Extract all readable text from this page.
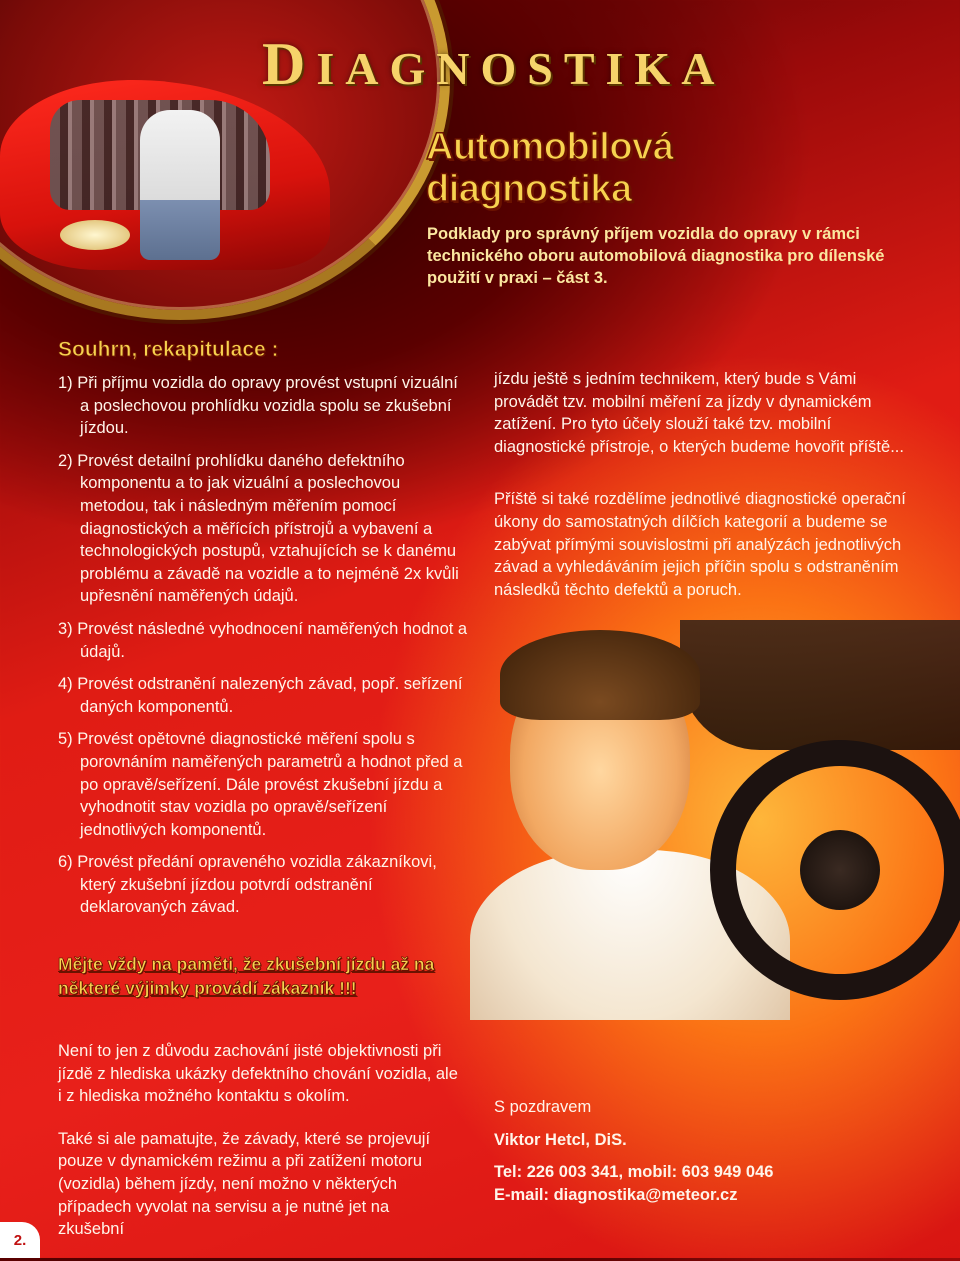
DIAGNOSTIKA
Automobilová diagnostika

Podklady pro správný příjem vozidla do opravy v rámci technického oboru automobilová diagnostika pro dílenské použití v praxi – část 3.

Souhrn, rekapitulace :
1) Při příjmu vozidla do opravy provést vstupní vizuální a poslechovou prohlídku vozidla spolu se zkušební jízdou.
2) Provést detailní prohlídku daného defektního komponentu a to jak vizuální a poslechovou metodou, tak i následným měřením pomocí diagnostických a měřících přístrojů a vybavení a technologických postupů, vztahujících se k danému problému a závadě na vozidle a to nejméně 2x kvůli upřesnění naměřených údajů.
3) Provést následné vyhodnocení naměřených hodnot a údajů.
4) Provést odstranění nalezených závad, popř. seřízení daných komponentů.
5) Provést opětovné diagnostické měření spolu s porovnáním naměřených parametrů a hodnot před a po opravě/seřízení. Dále provést zkušební jízdu a vyhodnotit stav vozidla po opravě/seřízení jednotlivých komponentů.
6) Provést předání opraveného vozidla zákazníkovi, který zkušební jízdou potvrdí odstranění deklarovaných závad.

jízdu ještě s jedním technikem, který bude s Vámi provádět tzv. mobilní měření za jízdy v dynamickém zatížení. Pro tyto účely slouží také tzv. mobilní diagnostické přístroje, o kterých budeme hovořit příště...

Příště si také rozdělíme jednotlivé diagnostické operační úkony do samostatných dílčích kategorií a budeme se zabývat přímými souvislostmi při analýzách jednotlivých závad a vyhledáváním jejich příčin spolu s odstraněním následků těchto defektů a poruch.

Mějte vždy na paměti, že zkušební jízdu až na některé výjimky provádí zákazník !!!

Není to jen z důvodu zachování jisté objektivnosti při jízdě z hlediska ukázky defektního chování vozidla, ale i z hlediska možného kontaktu s okolím.

Také si ale pamatujte, že závady, které se projevují pouze v dynamickém režimu a při zatížení motoru (vozidla) během jízdy, není možno v některých případech vyvolat na servisu a je nutné jet na zkušební

S pozdravem

Viktor Hetcl, DiS.

Tel: 226 003 341, mobil: 603 949 046

E-mail: diagnostika@meteor.cz

2.
